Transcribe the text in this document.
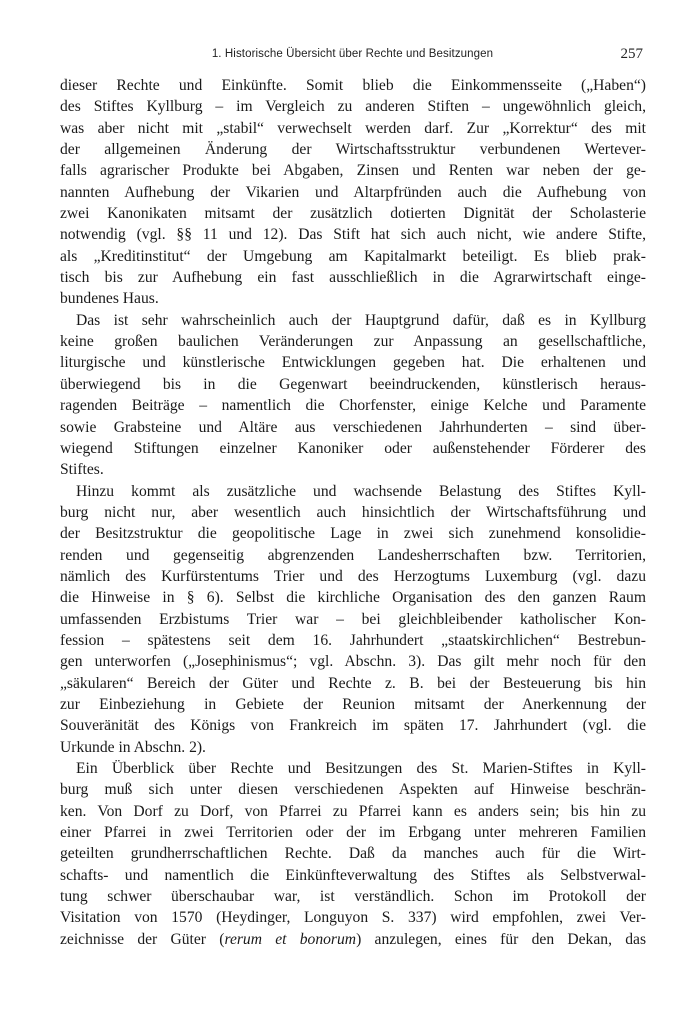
1. Historische Übersicht über Rechte und Besitzungen	257

dieser Rechte und Einkünfte. Somit blieb die Einkommensseite („Haben“)
des Stiftes Kyllburg – im Vergleich zu anderen Stiften – ungewöhnlich gleich,
was aber nicht mit „stabil“ verwechselt werden darf. Zur „Korrektur“ des mit
der allgemeinen Änderung der Wirtschaftsstruktur verbundenen Wertever-
falls agrarischer Produkte bei Abgaben, Zinsen und Renten war neben der ge-
nannten Aufhebung der Vikarien und Altarpfründen auch die Aufhebung von
zwei Kanonikaten mitsamt der zusätzlich dotierten Dignität der Scholasterie
notwendig (vgl. §§ 11 und 12). Das Stift hat sich auch nicht, wie andere Stifte,
als „Kreditinstitut“ der Umgebung am Kapitalmarkt beteiligt. Es blieb prak-
tisch bis zur Aufhebung ein fast ausschließlich in die Agrarwirtschaft einge-
bundenes Haus.

Das ist sehr wahrscheinlich auch der Hauptgrund dafür, daß es in Kyllburg
keine großen baulichen Veränderungen zur Anpassung an gesellschaftliche,
liturgische und künstlerische Entwicklungen gegeben hat. Die erhaltenen und
überwiegend bis in die Gegenwart beeindruckenden, künstlerisch heraus-
ragenden Beiträge – namentlich die Chorfenster, einige Kelche und Paramente
sowie Grabsteine und Altäre aus verschiedenen Jahrhunderten – sind über-
wiegend Stiftungen einzelner Kanoniker oder außenstehender Förderer des
Stiftes.

Hinzu kommt als zusätzliche und wachsende Belastung des Stiftes Kyll-
burg nicht nur, aber wesentlich auch hinsichtlich der Wirtschaftsführung und
der Besitzstruktur die geopolitische Lage in zwei sich zunehmend konsolidie-
renden und gegenseitig abgrenzenden Landesherrschaften bzw. Territorien,
nämlich des Kurfürstentums Trier und des Herzogtums Luxemburg (vgl. dazu
die Hinweise in § 6). Selbst die kirchliche Organisation des den ganzen Raum
umfassenden Erzbistums Trier war – bei gleichbleibender katholischer Kon-
fession – spätestens seit dem 16. Jahrhundert „staatskirchlichen“ Bestrebun-
gen unterworfen („Josephinismus“; vgl. Abschn. 3). Das gilt mehr noch für den
„säkularen“ Bereich der Güter und Rechte z. B. bei der Besteuerung bis hin
zur Einbeziehung in Gebiete der Reunion mitsamt der Anerkennung der
Souveränität des Königs von Frankreich im späten 17. Jahrhundert (vgl. die
Urkunde in Abschn. 2).

Ein Überblick über Rechte und Besitzungen des St. Marien-Stiftes in Kyll-
burg muß sich unter diesen verschiedenen Aspekten auf Hinweise beschrän-
ken. Von Dorf zu Dorf, von Pfarrei zu Pfarrei kann es anders sein; bis hin zu
einer Pfarrei in zwei Territorien oder der im Erbgang unter mehreren Familien
geteilten grundherrschaftlichen Rechte. Daß da manches auch für die Wirt-
schafts- und namentlich die Einkünfteverwaltung des Stiftes als Selbstverwal-
tung schwer überschaubar war, ist verständlich. Schon im Protokoll der
Visitation von 1570 (Heydinger, Longuyon S. 337) wird empfohlen, zwei Ver-
zeichnisse der Güter (rerum et bonorum) anzulegen, eines für den Dekan, das
